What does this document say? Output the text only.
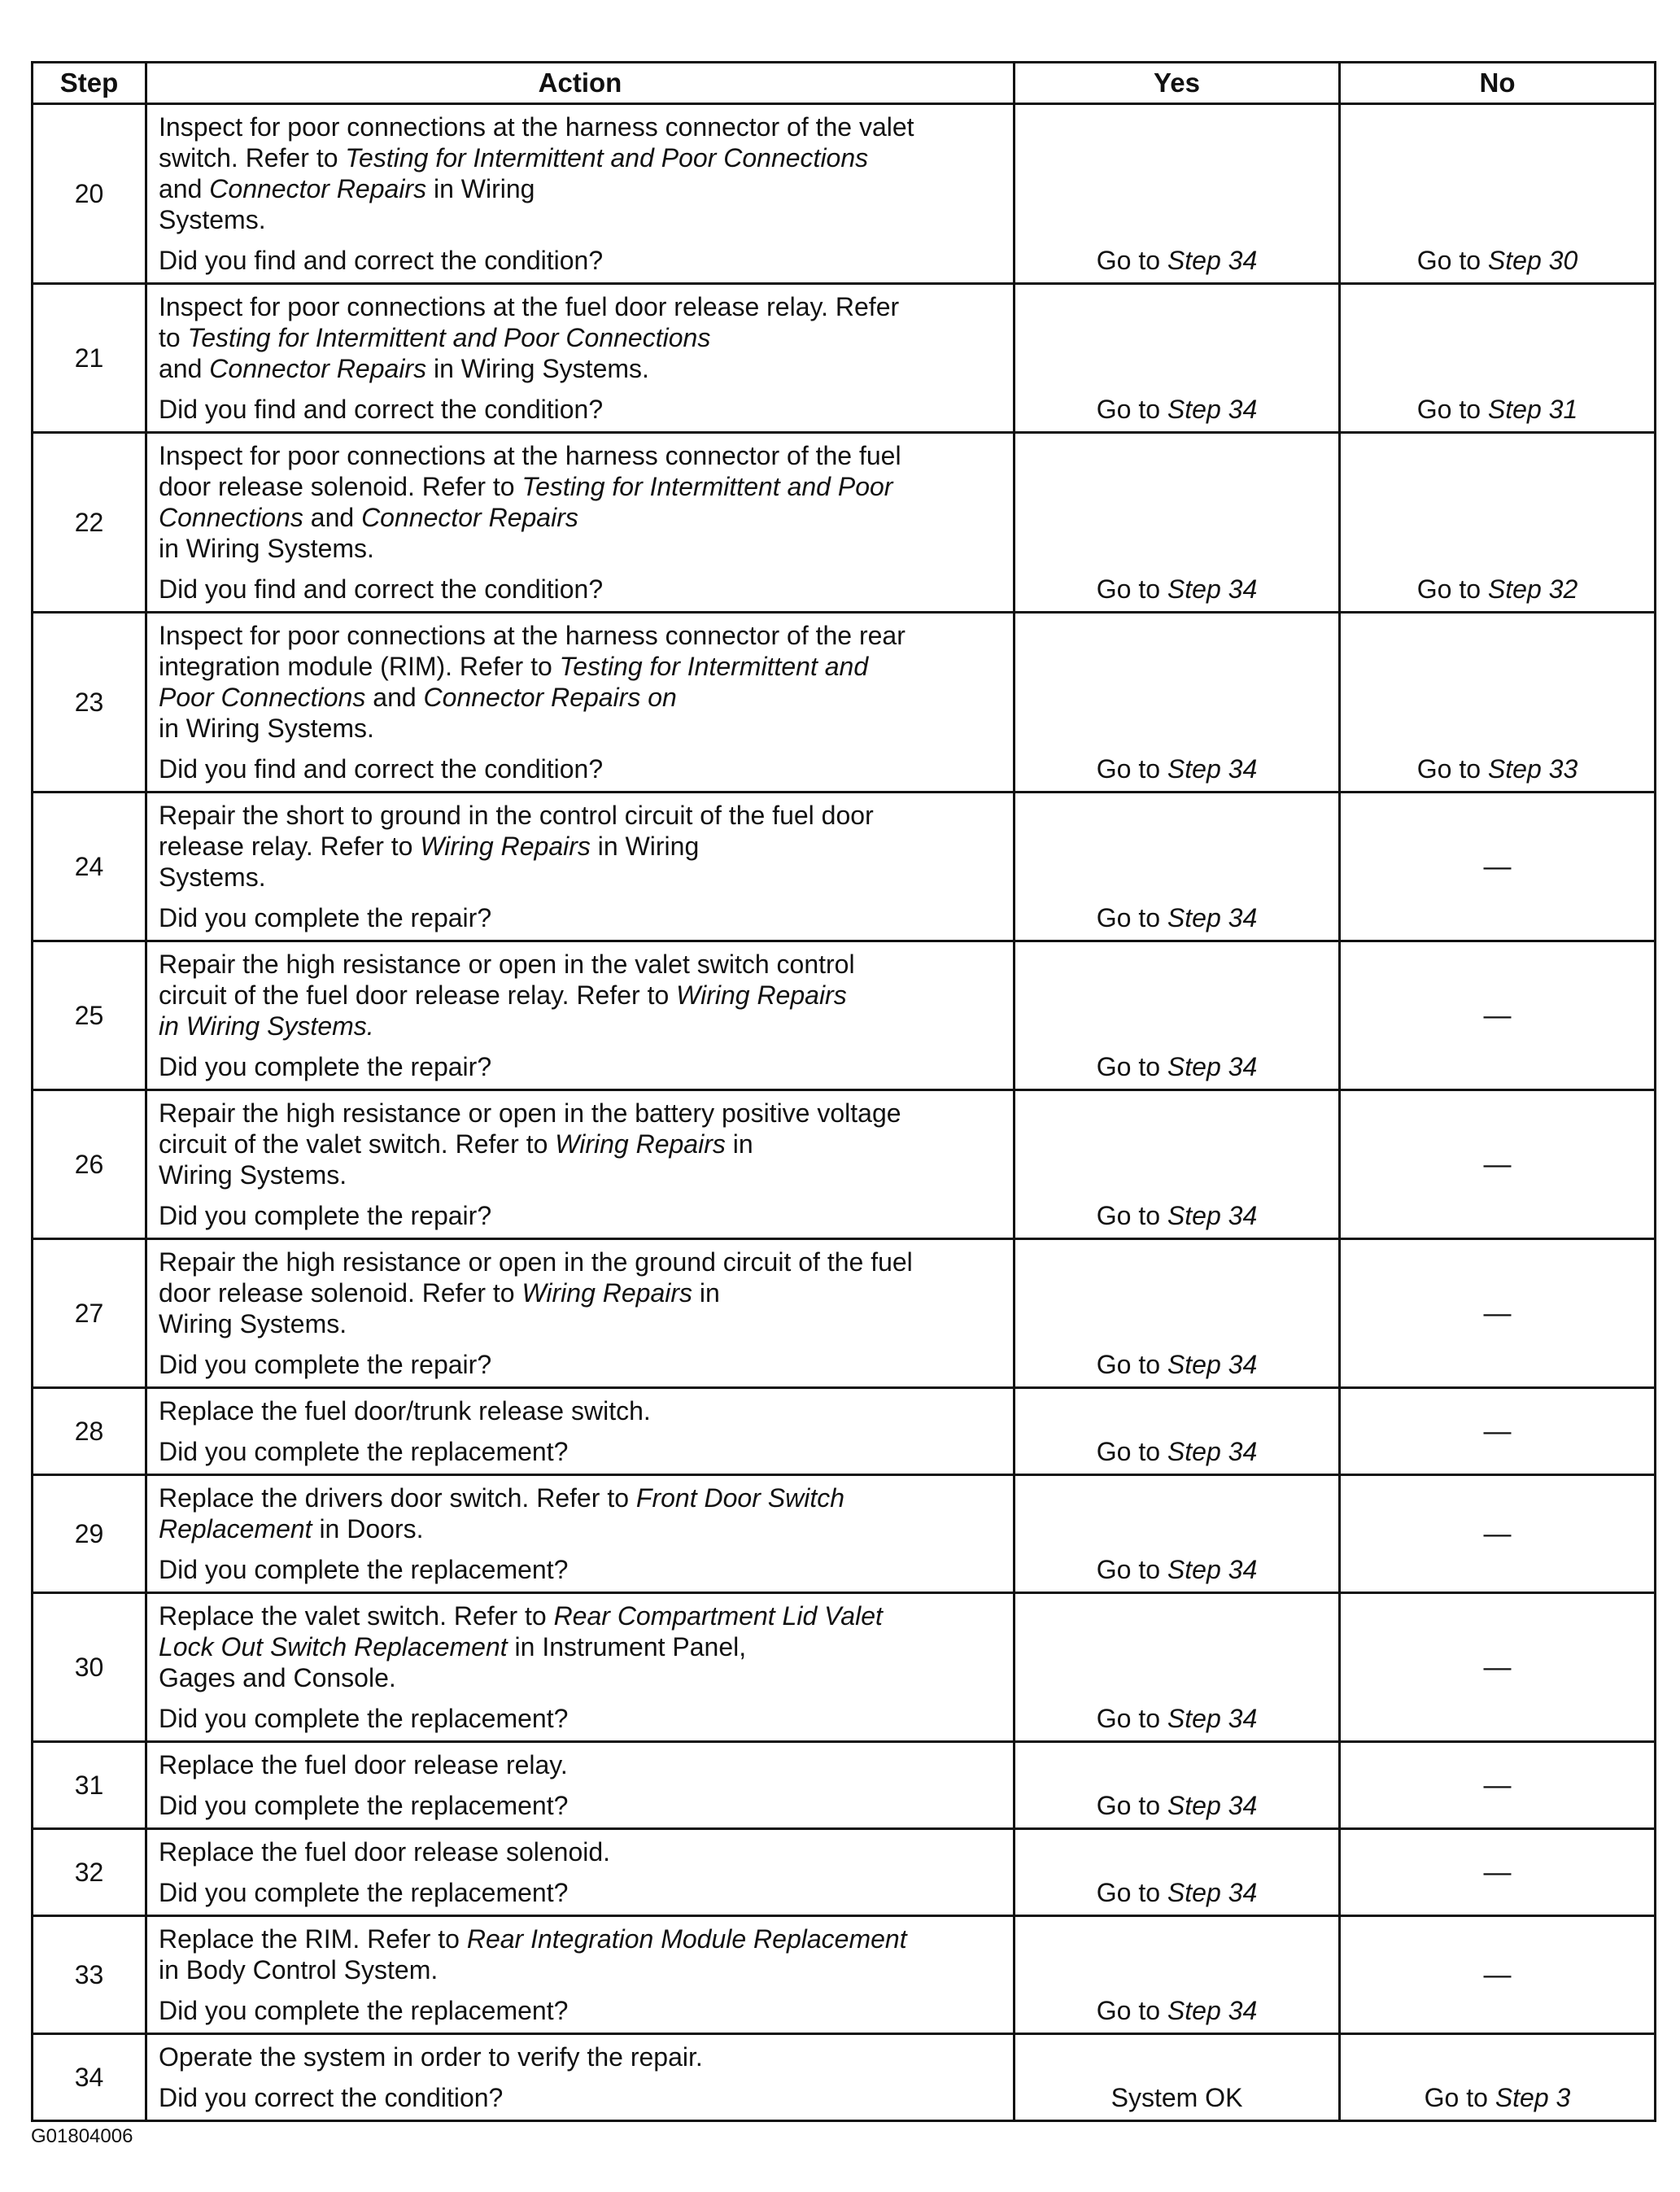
Step	Action	Yes	No
20	Inspect for poor connections at the harness connector of the valet
switch. Refer to Testing for Intermittent and Poor Connections
and Connector Repairs in Wiring
Systems.
Did you find and correct the condition?	Go to Step 34	Go to Step 30
21	Inspect for poor connections at the fuel door release relay. Refer
to Testing for Intermittent and Poor Connections
and Connector Repairs in Wiring Systems.
Did you find and correct the condition?	Go to Step 34	Go to Step 31
22	Inspect for poor connections at the harness connector of the fuel
door release solenoid. Refer to Testing for Intermittent and Poor
Connections and Connector Repairs
in Wiring Systems.
Did you find and correct the condition?	Go to Step 34	Go to Step 32
23	Inspect for poor connections at the harness connector of the rear
integration module (RIM). Refer to Testing for Intermittent and
Poor Connections and Connector Repairs on
in Wiring Systems.
Did you find and correct the condition?	Go to Step 34	Go to Step 33
24	Repair the short to ground in the control circuit of the fuel door
release relay. Refer to Wiring Repairs in Wiring
Systems.
Did you complete the repair?	Go to Step 34	—
25	Repair the high resistance or open in the valet switch control
circuit of the fuel door release relay. Refer to Wiring Repairs
in Wiring Systems.
Did you complete the repair?	Go to Step 34	—
26	Repair the high resistance or open in the battery positive voltage
circuit of the valet switch. Refer to Wiring Repairs in
Wiring Systems.
Did you complete the repair?	Go to Step 34	—
27	Repair the high resistance or open in the ground circuit of the fuel
door release solenoid. Refer to Wiring Repairs in
Wiring Systems.
Did you complete the repair?	Go to Step 34	—
28	Replace the fuel door/trunk release switch.
Did you complete the replacement?	Go to Step 34	—
29	Replace the drivers door switch. Refer to Front Door Switch
Replacement in Doors.
Did you complete the replacement?	Go to Step 34	—
30	Replace the valet switch. Refer to Rear Compartment Lid Valet
Lock Out Switch Replacement in Instrument Panel,
Gages and Console.
Did you complete the replacement?	Go to Step 34	—
31	Replace the fuel door release relay.
Did you complete the replacement?	Go to Step 34	—
32	Replace the fuel door release solenoid.
Did you complete the replacement?	Go to Step 34	—
33	Replace the RIM. Refer to Rear Integration Module Replacement
in Body Control System.
Did you complete the replacement?	Go to Step 34	—
34	Operate the system in order to verify the repair.
Did you correct the condition?	System OK	Go to Step 3
G01804006
